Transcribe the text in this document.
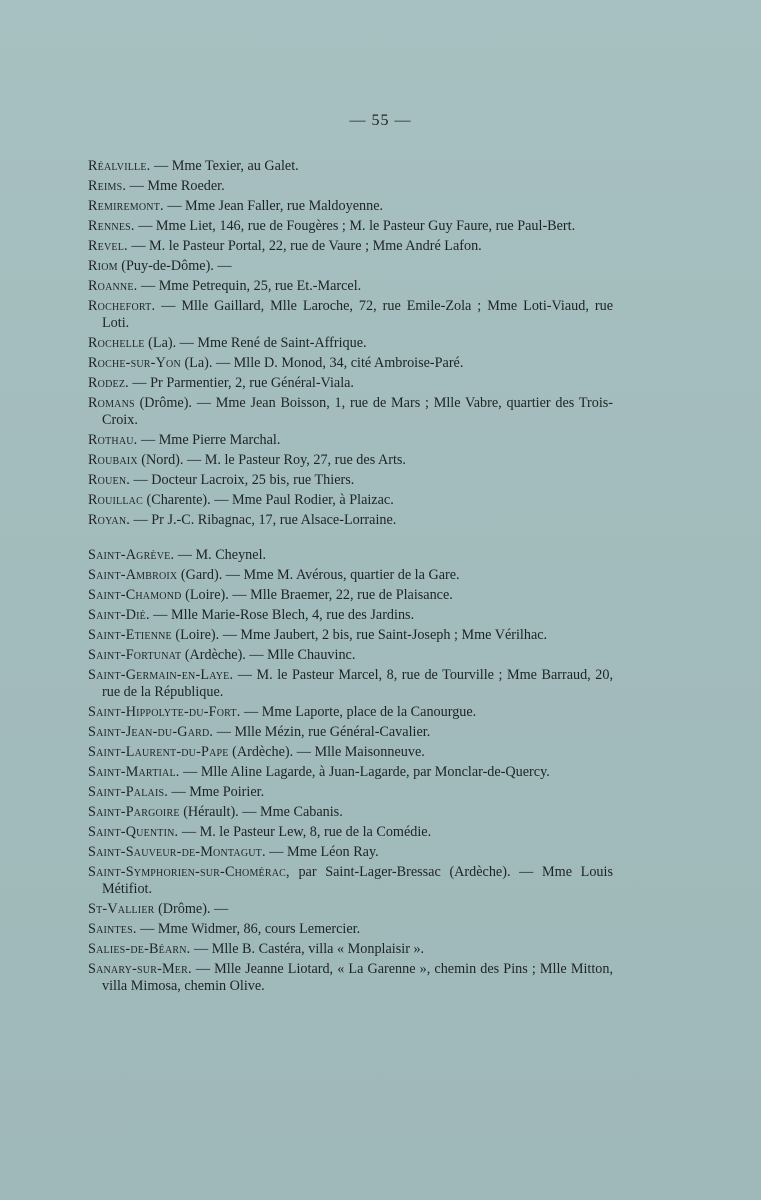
— 55 —
Réalville. — Mme Texier, au Galet.
Reims. — Mme Roeder.
Remiremont. — Mme Jean Faller, rue Maldoyenne.
Rennes. — Mme Liet, 146, rue de Fougères ; M. le Pasteur Guy Faure, rue Paul-Bert.
Revel. — M. le Pasteur Portal, 22, rue de Vaure ; Mme André Lafon.
Riom (Puy-de-Dôme). —
Roanne. — Mme Petrequin, 25, rue Et.-Marcel.
Rochefort. — Mlle Gaillard, Mlle Laroche, 72, rue Emile-Zola ; Mme Loti-Viaud, rue Loti.
Rochelle (La). — Mme René de Saint-Affrique.
Roche-sur-Yon (La). — Mlle D. Monod, 34, cité Ambroise-Paré.
Rodez. — Pr Parmentier, 2, rue Général-Viala.
Romans (Drôme). — Mme Jean Boisson, 1, rue de Mars ; Mlle Vabre, quartier des Trois-Croix.
Rothau. — Mme Pierre Marchal.
Roubaix (Nord). — M. le Pasteur Roy, 27, rue des Arts.
Rouen. — Docteur Lacroix, 25 bis, rue Thiers.
Rouillac (Charente). — Mme Paul Rodier, à Plaizac.
Royan. — Pr J.-C. Ribagnac, 17, rue Alsace-Lorraine.
Saint-Agrève. — M. Cheynel.
Saint-Ambroix (Gard). — Mme M. Avérous, quartier de la Gare.
Saint-Chamond (Loire). — Mlle Braemer, 22, rue de Plaisance.
Saint-Dié. — Mlle Marie-Rose Blech, 4, rue des Jardins.
Saint-Etienne (Loire). — Mme Jaubert, 2 bis, rue Saint-Joseph ; Mme Vérilhac.
Saint-Fortunat (Ardèche). — Mlle Chauvinc.
Saint-Germain-en-Laye. — M. le Pasteur Marcel, 8, rue de Tourville ; Mme Barraud, 20, rue de la République.
Saint-Hippolyte-du-Fort. — Mme Laporte, place de la Canourgue.
Saint-Jean-du-Gard. — Mlle Mézin, rue Général-Cavalier.
Saint-Laurent-du-Pape (Ardèche). — Mlle Maisonneuve.
Saint-Martial. — Mlle Aline Lagarde, à Juan-Lagarde, par Monclar-de-Quercy.
Saint-Palais. — Mme Poirier.
Saint-Pargoire (Hérault). — Mme Cabanis.
Saint-Quentin. — M. le Pasteur Lew, 8, rue de la Comédie.
Saint-Sauveur-de-Montagut. — Mme Léon Ray.
Saint-Symphorien-sur-Chomérac, par Saint-Lager-Bressac (Ardèche). — Mme Louis Métifiot.
St-Vallier (Drôme). —
Saintes. — Mme Widmer, 86, cours Lemercier.
Salies-de-Béarn. — Mlle B. Castéra, villa « Monplaisir ».
Sanary-sur-Mer. — Mlle Jeanne Liotard, « La Garenne », chemin des Pins ; Mlle Mitton, villa Mimosa, chemin Olive.
